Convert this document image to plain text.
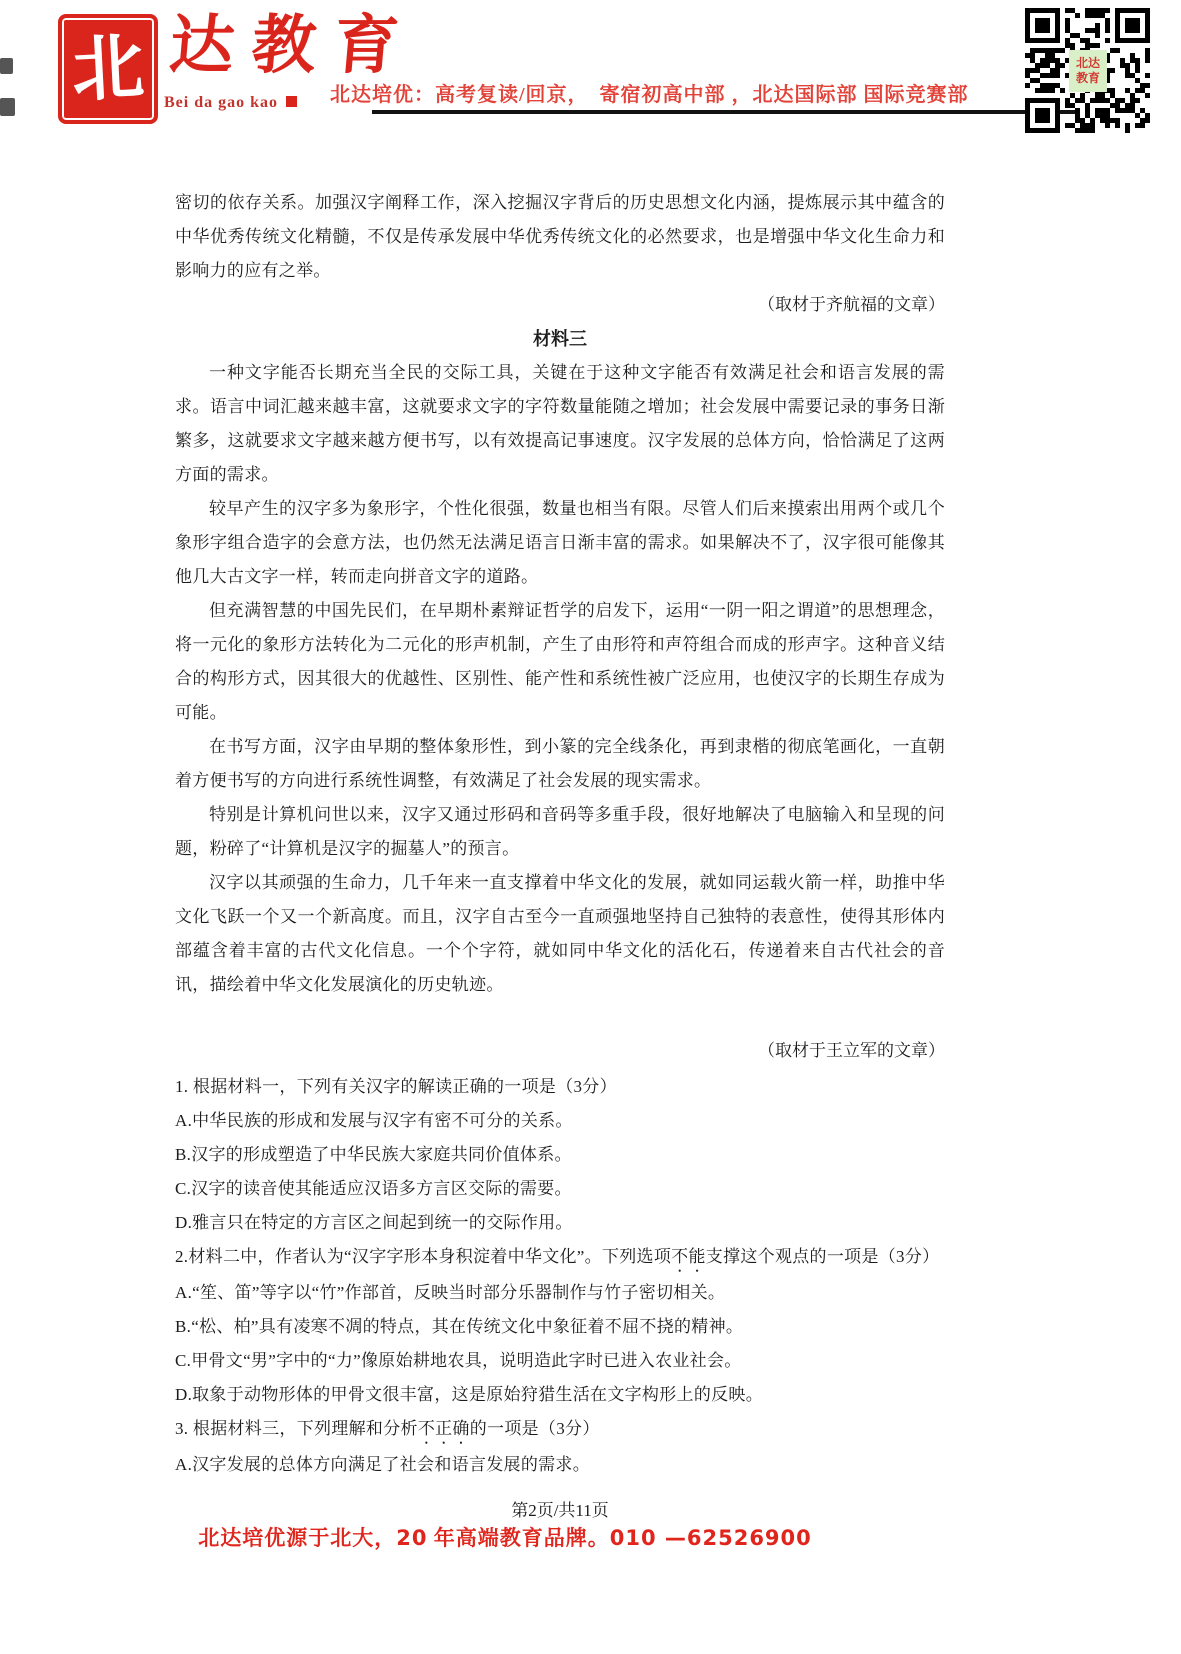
北 达教育
Bei da gao kao	北达培优：高考复读/回京，　寄宿初高中部 ，北达国际部 国际竞赛部
北达
教育

密切的依存关系。加强汉字阐释工作，深入挖掘汉字背后的历史思想文化内涵，提炼展示其中蕴含的中华优秀传统文化精髓，不仅是传承发展中华优秀传统文化的必然要求，也是增强中华文化生命力和影响力的应有之举。

（取材于齐航福的文章）

材料三

一种文字能否长期充当全民的交际工具，关键在于这种文字能否有效满足社会和语言发展的需求。语言中词汇越来越丰富，这就要求文字的字符数量能随之增加；社会发展中需要记录的事务日渐繁多，这就要求文字越来越方便书写，以有效提高记事速度。汉字发展的总体方向，恰恰满足了这两方面的需求。

较早产生的汉字多为象形字，个性化很强，数量也相当有限。尽管人们后来摸索出用两个或几个象形字组合造字的会意方法，也仍然无法满足语言日渐丰富的需求。如果解决不了，汉字很可能像其他几大古文字一样，转而走向拼音文字的道路。

但充满智慧的中国先民们，在早期朴素辩证哲学的启发下，运用“一阴一阳之谓道”的思想理念，将一元化的象形方法转化为二元化的形声机制，产生了由形符和声符组合而成的形声字。这种音义结合的构形方式，因其很大的优越性、区别性、能产性和系统性被广泛应用，也使汉字的长期生存成为可能。

在书写方面，汉字由早期的整体象形性，到小篆的完全线条化，再到隶楷的彻底笔画化，一直朝着方便书写的方向进行系统性调整，有效满足了社会发展的现实需求。

特别是计算机问世以来，汉字又通过形码和音码等多重手段，很好地解决了电脑输入和呈现的问题，粉碎了“计算机是汉字的掘墓人”的预言。

汉字以其顽强的生命力，几千年来一直支撑着中华文化的发展，就如同运载火箭一样，助推中华文化飞跃一个又一个新高度。而且，汉字自古至今一直顽强地坚持自己独特的表意性，使得其形体内部蕴含着丰富的古代文化信息。一个个字符，就如同中华文化的活化石，传递着来自古代社会的音讯，描绘着中华文化发展演化的历史轨迹。

（取材于王立军的文章）

1. 根据材料一，下列有关汉字的解读正确的一项是（3分）

A.中华民族的形成和发展与汉字有密不可分的关系。

B.汉字的形成塑造了中华民族大家庭共同价值体系。

C.汉字的读音使其能适应汉语多方言区交际的需要。

D.雅言只在特定的方言区之间起到统一的交际作用。

2.材料二中，作者认为“汉字字形本身积淀着中华文化”。下列选项不能支撑这个观点的一项是（3分）

A.“笙、笛”等字以“竹”作部首，反映当时部分乐器制作与竹子密切相关。

B.“松、柏”具有凌寒不凋的特点，其在传统文化中象征着不屈不挠的精神。

C.甲骨文“男”字中的“力”像原始耕地农具，说明造此字时已进入农业社会。

D.取象于动物形体的甲骨文很丰富，这是原始狩猎生活在文字构形上的反映。

3. 根据材料三，下列理解和分析不正确的一项是（3分）

A.汉字发展的总体方向满足了社会和语言发展的需求。

第2页/共11页
北达培优源于北大，20 年高端教育品牌。010 —62526900
